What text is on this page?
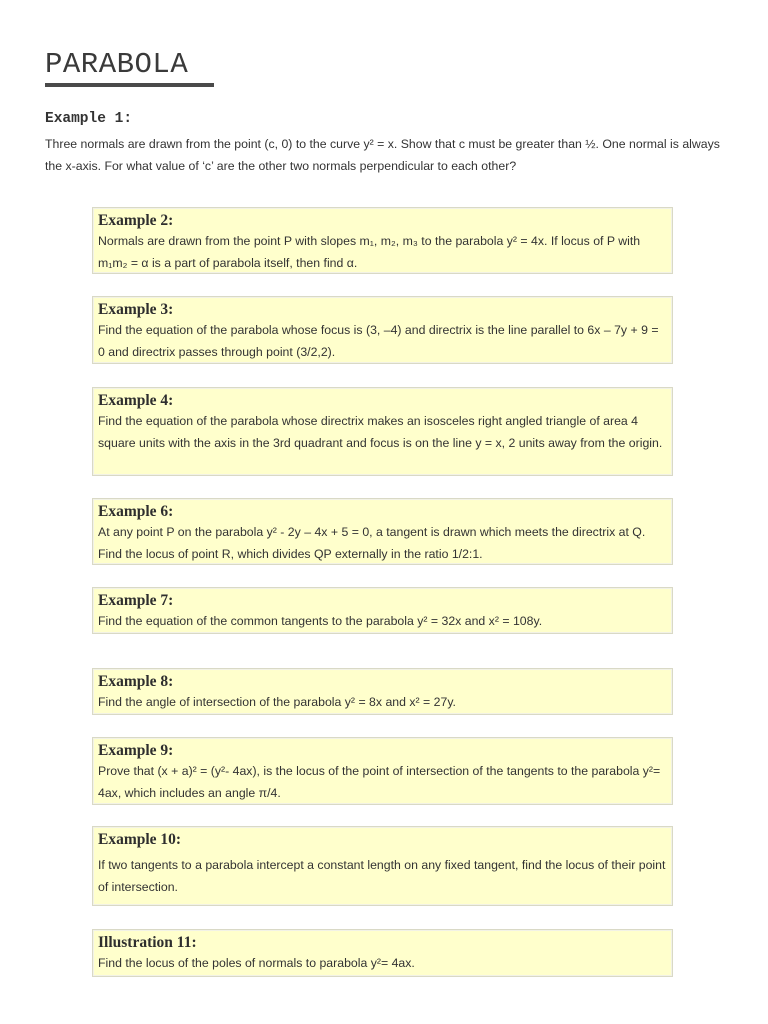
PARABOLA
Example 1:

Three normals are drawn from the point (c, 0) to the curve y² = x. Show that c must be greater than ½. One normal is always the x-axis. For what value of ‘c’ are the other two normals perpendicular to each other?

Example 2:

Normals are drawn from the point P with slopes m₁, m₂, m₃ to the parabola y² = 4x. If locus of P with m₁m₂ = α is a part of parabola itself, then find α.

Example 3:

Find the equation of the parabola whose focus is (3, –4) and directrix is the line parallel to 6x – 7y + 9 = 0 and directrix passes through point (3/2,2).

Example 4:

Find the equation of the parabola whose directrix makes an isosceles right angled triangle of area 4 square units with the axis in the 3rd quadrant and focus is on the line y = x, 2 units away from the origin.

Example 6:

At any point P on the parabola y² - 2y – 4x + 5 = 0, a tangent is drawn which meets the directrix at Q. Find the locus of point R, which divides QP externally in the ratio 1/2:1.

Example 7:

Find the equation of the common tangents to the parabola y² = 32x and x² = 108y.

Example 8:

Find the angle of intersection of the parabola y² = 8x and x² = 27y.

Example 9:

Prove that (x + a)² = (y²- 4ax), is the locus of the point of intersection of the tangents to the parabola y²= 4ax, which includes an angle π/4.

Example 10:

If two tangents to a parabola intercept a constant length on any fixed tangent, find the locus of their point of intersection.

Illustration 11:

Find the locus of the poles of normals to parabola y²= 4ax.
